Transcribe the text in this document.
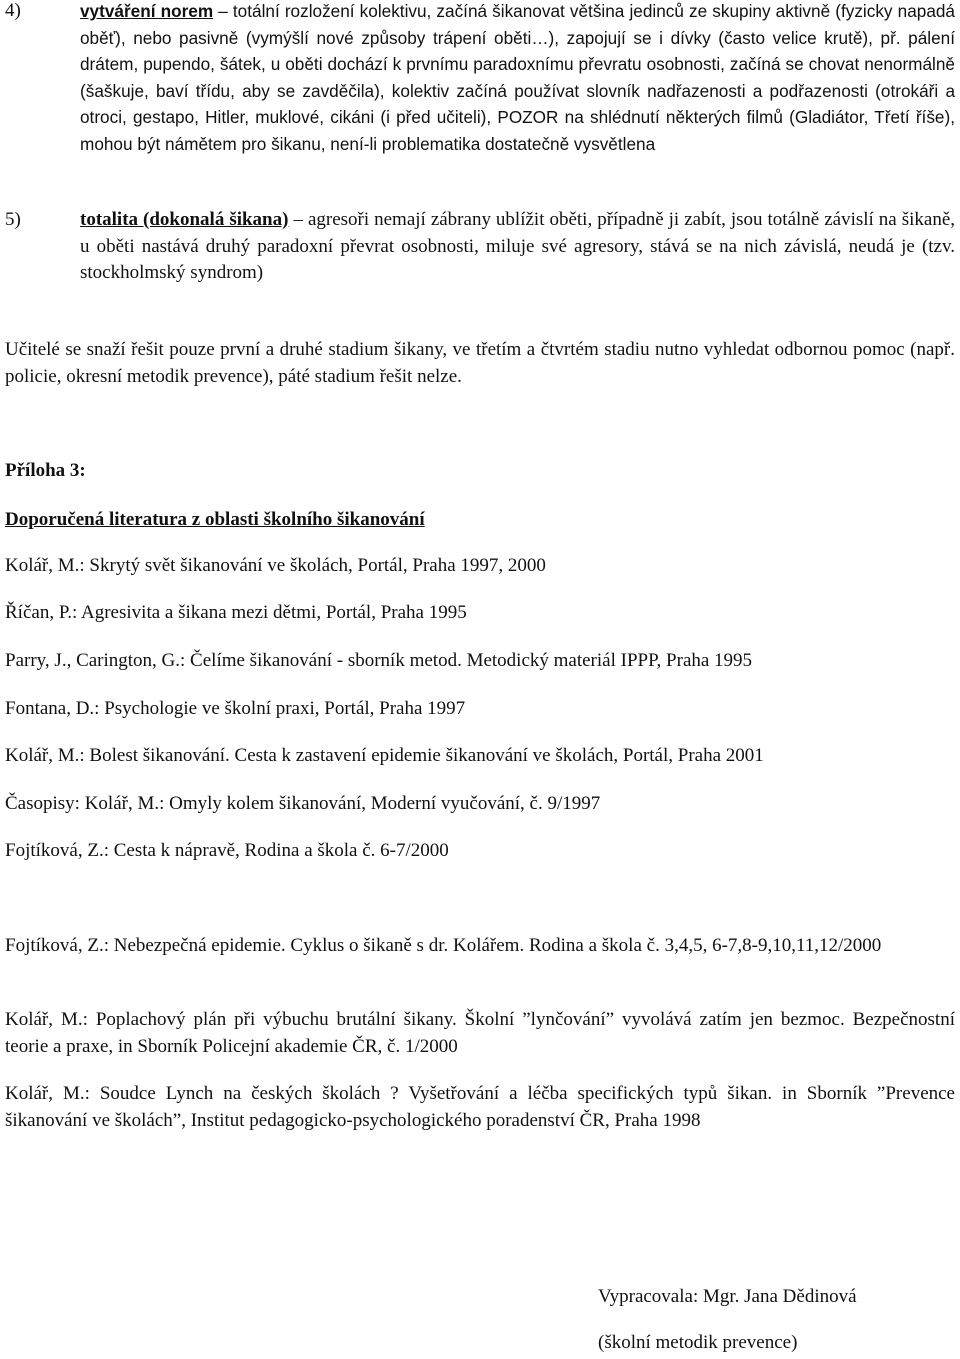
4)	vytváření norem – totální rozložení kolektivu, začíná šikanovat většina jedinců ze skupiny aktivně (fyzicky napadá oběť), nebo pasivně (vymýšlí nové způsoby trápení oběti…), zapojují se i dívky (často velice krutě), př. pálení drátem, pupendo, šátek, u oběti dochází k prvnímu paradoxnímu převratu osobnosti, začíná se chovat nenormálně (šaškuje, baví třídu, aby se zavděčila), kolektiv začíná používat slovník nadřazenosti a podřazenosti (otrokáři a otroci, gestapo, Hitler, muklové, cikáni (i před učiteli), POZOR na shlédnutí některých filmů (Gladiátor, Třetí říše), mohou být námětem pro šikanu, není-li problematika dostatečně vysvětlena
5)	totalita (dokonalá šikana) – agresoři nemají zábrany ublížit oběti, případně ji zabít, jsou totálně závislí na šikaně, u oběti nastává druhý paradoxní převrat osobnosti, miluje své agresory, stává se na nich závislá, neudá je (tzv. stockholmský syndrom)

Učitelé se snaží řešit pouze první a druhé stadium šikany, ve třetím a čtvrtém stadiu nutno vyhledat odbornou pomoc (např. policie, okresní metodik prevence), páté stadium řešit nelze.

Příloha 3:

Doporučená literatura z oblasti školního šikanování

Kolář, M.: Skrytý svět šikanování ve školách, Portál, Praha 1997, 2000

Říčan, P.: Agresivita a šikana mezi dětmi, Portál, Praha 1995

Parry, J., Carington, G.: Čelíme šikanování - sborník metod. Metodický materiál IPPP, Praha 1995

Fontana, D.: Psychologie ve školní praxi, Portál, Praha 1997

Kolář, M.: Bolest šikanování. Cesta k zastavení epidemie šikanování ve školách, Portál, Praha 2001

Časopisy: Kolář, M.: Omyly kolem šikanování, Moderní vyučování, č. 9/1997

Fojtíková, Z.: Cesta k nápravě, Rodina a škola č. 6-7/2000

Fojtíková, Z.: Nebezpečná epidemie. Cyklus o šikaně s dr. Kolářem. Rodina a škola č. 3,4,5, 6-7,8-9,10,11,12/2000

Kolář, M.: Poplachový plán při výbuchu brutální šikany. Školní ”lynčování” vyvolává zatím jen bezmoc. Bezpečnostní teorie a praxe, in Sborník Policejní akademie ČR, č. 1/2000

Kolář, M.: Soudce Lynch na českých školách ? Vyšetřování a léčba specifických typů šikan. in Sborník ”Prevence šikanování ve školách”, Institut pedagogicko-psychologického poradenství ČR, Praha 1998

Vypracovala: Mgr. Jana Dědinová

(školní metodik prevence)
